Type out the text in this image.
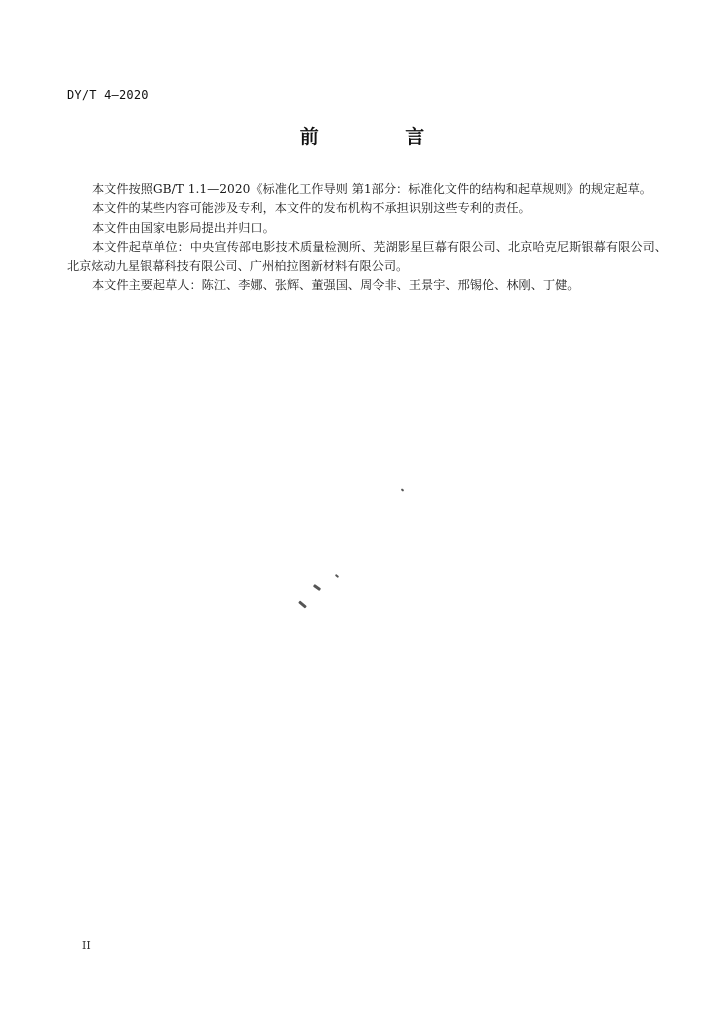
DY/T 4—2020
前 言

本文件按照GB/T 1.1—2020《标准化工作导则 第1部分：标准化文件的结构和起草规则》的规定起草。

本文件的某些内容可能涉及专利，本文件的发布机构不承担识别这些专利的责任。

本文件由国家电影局提出并归口。

本文件起草单位：中央宣传部电影技术质量检测所、芜湖影星巨幕有限公司、北京哈克尼斯银幕有限公司、北京炫动九星银幕科技有限公司、广州柏拉图新材料有限公司。

本文件主要起草人：陈江、李娜、张辉、董强国、周令非、王景宇、邢锡伦、林刚、丁健。

II
